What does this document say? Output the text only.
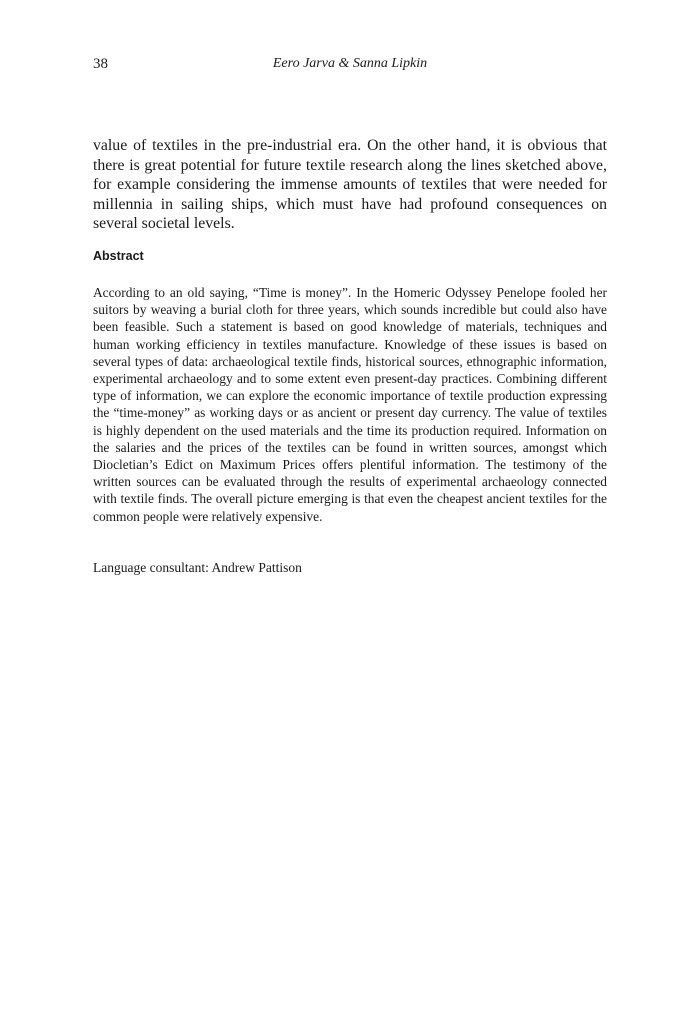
38	Eero Jarva & Sanna Lipkin

value of textiles in the pre-industrial era. On the other hand, it is obvious that there is great potential for future textile research along the lines sketched above, for example considering the immense amounts of textiles that were needed for millennia in sailing ships, which must have had profound consequences on several societal levels.

Abstract

According to an old saying, “Time is money”. In the Homeric Odyssey Penelope fooled her suitors by weaving a burial cloth for three years, which sounds incredible but could also have been feasible. Such a statement is based on good knowledge of materials, techniques and human working efficiency in textiles manufacture. Knowledge of these issues is based on several types of data: archaeological textile finds, historical sources, ethnographic information, experimental archaeology and to some extent even present-day practices. Combining different type of information, we can explore the economic importance of textile production expressing the “time-money” as working days or as ancient or present day currency. The value of textiles is highly dependent on the used materials and the time its production required. Information on the salaries and the prices of the textiles can be found in written sources, amongst which Diocletian’s Edict on Maximum Prices offers plentiful information. The testimony of the written sources can be evaluated through the results of experimental archaeology connected with textile finds. The overall picture emerging is that even the cheapest ancient textiles for the common people were relatively expensive.

Language consultant: Andrew Pattison
